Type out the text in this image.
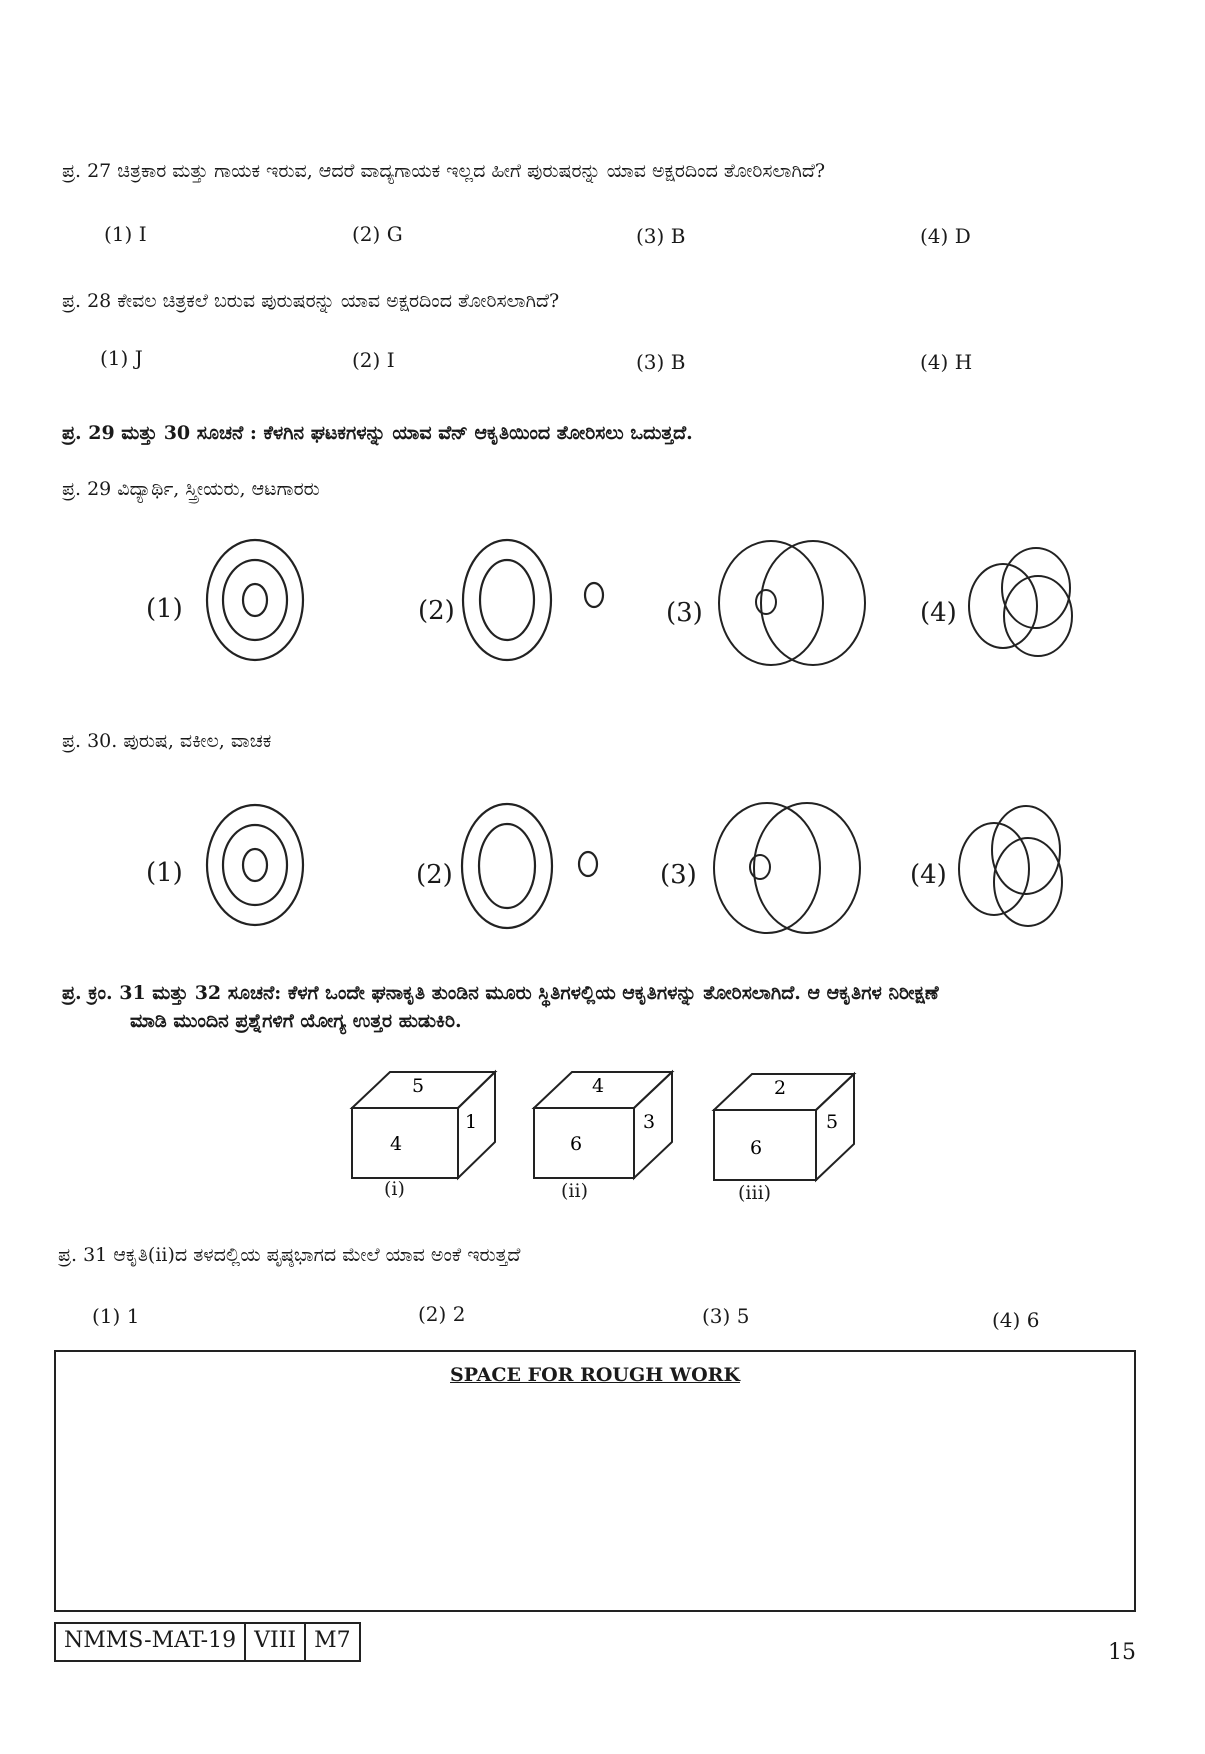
ಪ್ರ. 27 ಚಿತ್ರಕಾರ ಮತ್ತು ಗಾಯಕ ಇರುವ, ಆದರೆ ವಾದ್ಯಗಾಯಕ ಇಲ್ಲದ ಹೀಗೆ ಪುರುಷರನ್ನು ಯಾವ ಅಕ್ಷರದಿಂದ ತೋರಿಸಲಾಗಿದೆ?
(1) I	(2) G	(3) B	(4) D
ಪ್ರ. 28 ಕೇವಲ ಚಿತ್ರಕಲೆ ಬರುವ ಪುರುಷರನ್ನು ಯಾವ ಅಕ್ಷರದಿಂದ ತೋರಿಸಲಾಗಿದೆ?
(1) J	(2) I	(3) B	(4) H
ಪ್ರ. 29 ಮತ್ತು 30 ಸೂಚನೆ : ಕೆಳಗಿನ ಘಟಕಗಳನ್ನು ಯಾವ ವೆನ್ ಆಕೃತಿಯಿಂದ ತೋರಿಸಲು ಒದುತ್ತದೆ.
ಪ್ರ. 29 ವಿದ್ಯಾರ್ಥಿ, ಸ್ತ್ರೀಯರು, ಆಟಗಾರರು
(1)	(2)	(3)	(4)
ಪ್ರ. 30. ಪುರುಷ, ವಕೀಲ, ವಾಚಕ
(1)	(2)	(3)	(4)
ಪ್ರ. ಕ್ರಂ. 31 ಮತ್ತು 32 ಸೂಚನೆ: ಕೆಳಗೆ ಒಂದೇ ಘನಾಕೃತಿ ತುಂಡಿನ ಮೂರು ಸ್ಥಿತಿಗಳಲ್ಲಿಯ ಆಕೃತಿಗಳನ್ನು ತೋರಿಸಲಾಗಿದೆ. ಆ ಆಕೃತಿಗಳ ನಿರೀಕ್ಷಣೆ
ಮಾಡಿ ಮುಂದಿನ ಪ್ರಶ್ನೆಗಳಿಗೆ ಯೋಗ್ಯ ಉತ್ತರ ಹುಡುಕಿರಿ.
5
4
1
(i)
4
6
3
(ii)
2
6
5
(iii)
ಪ್ರ. 31 ಆಕೃತಿ(ii)ದ ತಳದಲ್ಲಿಯ ಪೃಷ್ಠಭಾಗದ ಮೇಲೆ ಯಾವ ಅಂಕೆ ಇರುತ್ತದೆ
(1) 1	(2) 2	(3) 5	(4) 6
SPACE FOR ROUGH WORK
NMMS-MAT-19 VIII M7	15
